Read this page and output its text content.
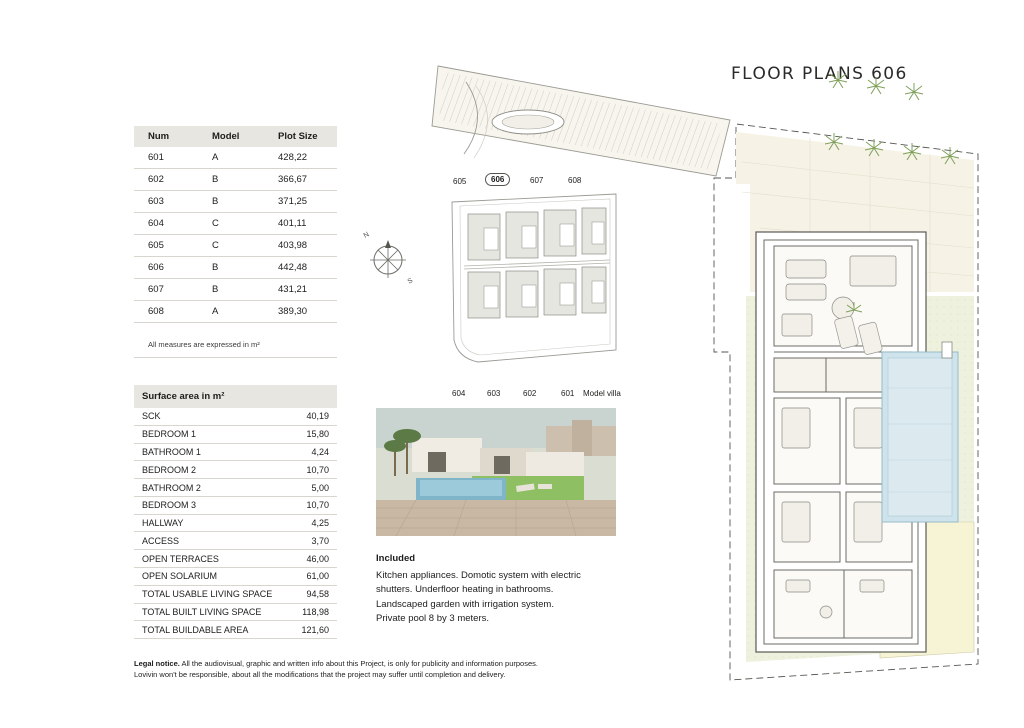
FLOOR PLANS 606
Num	Model	Plot Size
601	A	428,22
602	B	366,67
603	B	371,25
604	C	401,11
605	C	403,98
606	B	442,48
607	B	431,21
608	A	389,30
All measures are expressed in m²
Surface area in m²
SCK	40,19
BEDROOM 1	15,80
BATHROOM 1	4,24
BEDROOM 2	10,70
BATHROOM 2	5,00
BEDROOM 3	10,70
HALLWAY	4,25
ACCESS	3,70
OPEN TERRACES	46,00
OPEN SOLARIUM	61,00
TOTAL USABLE LIVING SPACE	94,58
TOTAL BUILT LIVING SPACE	118,98
TOTAL BUILDABLE AREA	121,60
N
S
605	606	607	608
604	603	602	601 Model villa
Included
Kitchen appliances. Domotic system with electric
shutters. Underfloor heating in bathrooms.
Landscaped garden with irrigation system.
Private pool 8 by 3 meters.
Legal notice. All the audiovisual, graphic and written info about this Project, is only for publicity and information purposes.
Lovivin won't be responsible, about all the modifications that the project may suffer until completion and delivery.
